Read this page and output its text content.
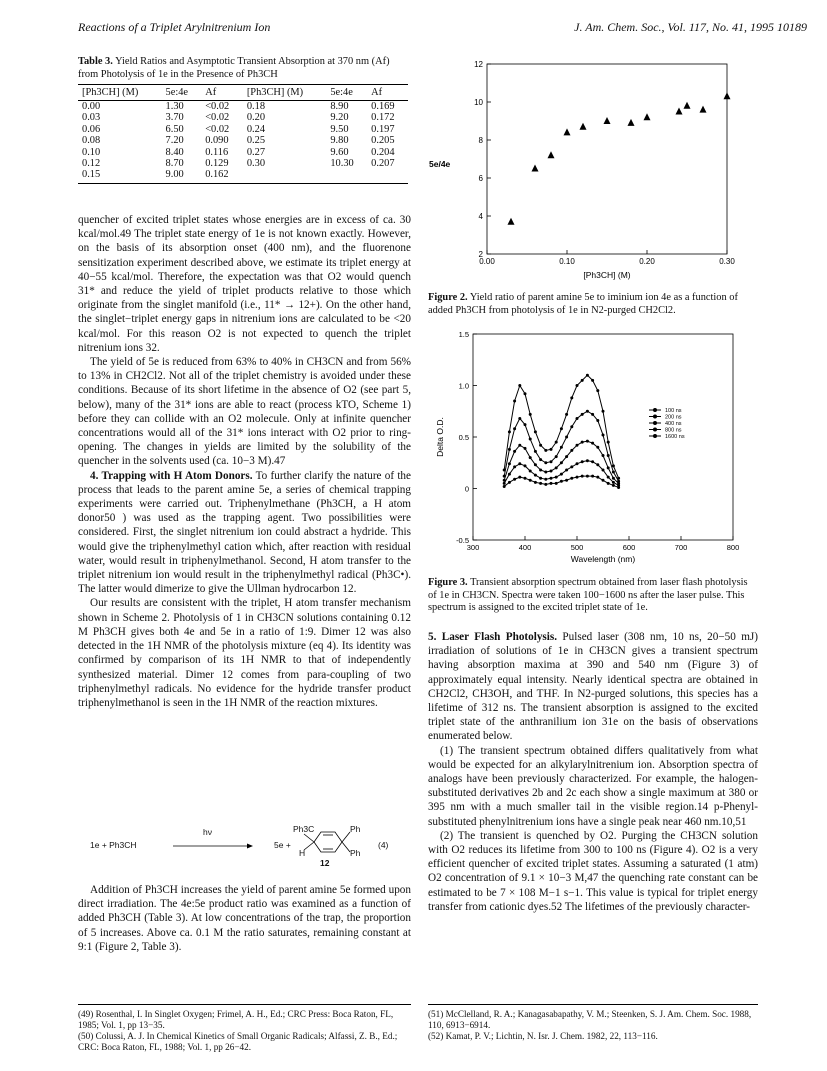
Reactions of a Triplet Arylnitrenium Ion	J. Am. Chem. Soc., Vol. 117, No. 41, 1995 10189
Table 3. Yield Ratios and Asymptotic Transient Absorption at 370 nm (Af) from Photolysis of 1e in the Presence of Ph3CH
[Ph3CH] (M)	5e:4e	Af	[Ph3CH] (M)	5e:4e	Af
0.00	1.30	<0.02	0.18	8.90	0.169
0.03	3.70	<0.02	0.20	9.20	0.172
0.06	6.50	<0.02	0.24	9.50	0.197
0.08	7.20	0.090	0.25	9.80	0.205
0.10	8.40	0.116	0.27	9.60	0.204
0.12	8.70	0.129	0.30	10.30	0.207
0.15	9.00	0.162			

quencher of excited triplet states whose energies are in excess of ca. 30 kcal/mol.49 The triplet state energy of 1e is not known exactly. However, on the basis of its absorption onset (400 nm), and the fluorenone sensitization experiment described above, we estimate its triplet energy at 40−55 kcal/mol. Therefore, the expectation was that O2 would quench 31* and reduce the yield of triplet products relative to those which originate from the singlet manifold (i.e., 11* → 12+). On the other hand, the singlet−triplet energy gaps in nitrenium ions are calculated to be <20 kcal/mol. For this reason O2 is not expected to quench the triplet nitrenium ions 32.

The yield of 5e is reduced from 63% to 40% in CH3CN and from 56% to 13% in CH2Cl2. Not all of the triplet chemistry is avoided under these conditions. Because of its short lifetime in the absence of O2 (see part 5, below), many of the 31* ions are able to react (process kTO, Scheme 1) before they can collide with an O2 molecule. Only at infinite quencher concentrations would all of the 31* ions interact with O2 prior to ring-opening. The changes in yields are limited by the solubility of the quencher in the solvents used (ca. 10−3 M).47

4. Trapping with H Atom Donors. To further clarify the nature of the process that leads to the parent amine 5e, a series of chemical trapping experiments were carried out. Triphenylmethane (Ph3CH, a H atom donor50 ) was used as the trapping agent. Two possibilities were considered. First, the singlet nitrenium ion could abstract a hydride. This would give the triphenylmethyl cation which, after reaction with residual water, would result in triphenylmethanol. Second, H atom transfer to the triplet nitrenium ion would result in the triphenylmethyl radical (Ph3C•). The latter would dimerize to give the Ullman hydrocarbon 12.

Our results are consistent with the triplet, H atom transfer mechanism shown in Scheme 2. Photolysis of 1 in CH3CN solutions containing 0.12 M Ph3CH gives both 4e and 5e in a ratio of 1:9. Dimer 12 was also detected in the 1H NMR of the photolysis mixture (eq 4). Its identity was confirmed by comparison of its 1H NMR to that of independently synthesized material. Dimer 12 comes from para-coupling of two triphenylmethyl radicals. No evidence for the hydride transfer product triphenylmethanol is seen in the 1H NMR of the reaction mixtures.

1e + Ph3CH
hν
5e +
Ph3C	Ph
H	Ph
12
(4)

Addition of Ph3CH increases the yield of parent amine 5e formed upon direct irradiation. The 4e:5e product ratio was examined as a function of added Ph3CH (Table 3). At low concentrations of the trap, the proportion of 5 increases. Above ca. 0.1 M the ratio saturates, remaining constant at 9:1 (Figure 2, Table 3).

(49) Rosenthal, I. In Singlet Oxygen; Frimel, A. H., Ed.; CRC Press: Boca Raton, FL, 1985; Vol. 1, pp 13−35.
(50) Colussi, A. J. In Chemical Kinetics of Small Organic Radicals; Alfassi, Z. B., Ed.; CRC: Boca Raton, FL, 1988; Vol. 1, pp 26−42.
2
4
6
8
10
12
0.00	0.10	0.20	0.30
[Ph3CH] (M)
5e/4e
Figure 2. Yield ratio of parent amine 5e to iminium ion 4e as a function of added Ph3CH from photolysis of 1e in N2-purged CH2Cl2.
-0.5
0
0.5
1.0
1.5
300	400	500	600	700	800
Wavelength (nm)
Delta O.D.
100 ns
200 ns
400 ns
800 ns
1600 ns
Figure 3. Transient absorption spectrum obtained from laser flash photolysis of 1e in CH3CN. Spectra were taken 100−1600 ns after the laser pulse. This spectrum is assigned to the excited triplet state of 1e.

5. Laser Flash Photolysis. Pulsed laser (308 nm, 10 ns, 20−50 mJ) irradiation of solutions of 1e in CH3CN gives a transient spectrum having absorption maxima at 390 and 540 nm (Figure 3) of approximately equal intensity. Nearly identical spectra are obtained in CH2Cl2, CH3OH, and THF. In N2-purged solutions, this species has a lifetime of 312 ns. The transient absorption is assigned to the excited triplet state of the anthranilium ion 31e on the basis of observations enumerated below.

(1) The transient spectrum obtained differs qualitatively from what would be expected for an alkylarylnitrenium ion. Absorption spectra of analogs have been previously characterized. For example, the halogen-substituted derivatives 2b and 2c each show a single maximum at 380 or 395 nm with a much smaller tail in the visible region.14 p-Phenyl-substituted phenylnitrenium ions have a single peak near 460 nm.10,51

(2) The transient is quenched by O2. Purging the CH3CN solution with O2 reduces its lifetime from 300 to 100 ns (Figure 4). O2 is a very efficient quencher of excited triplet states. Assuming a saturated (1 atm) O2 concentration of 9.1 × 10−3 M,47 the quenching rate constant can be estimated to be 7 × 108 M−1 s−1. This value is typical for triplet energy transfer from cationic dyes.52 The lifetimes of the previously character-

(51) McClelland, R. A.; Kanagasabapathy, V. M.; Steenken, S. J. Am. Chem. Soc. 1988, 110, 6913−6914.
(52) Kamat, P. V.; Lichtin, N. Isr. J. Chem. 1982, 22, 113−116.
